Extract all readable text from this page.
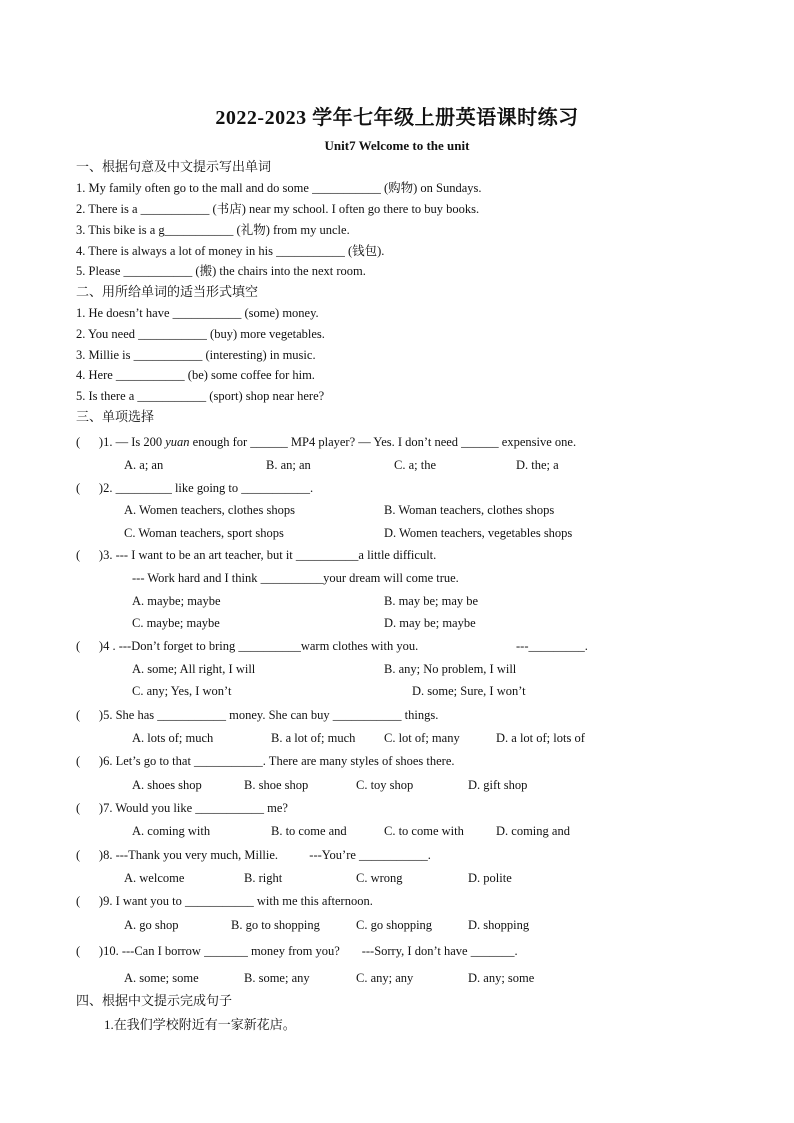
2022-2023 学年七年级上册英语课时练习
Unit7 Welcome to the unit
一、根据句意及中文提示写出单词
1. My family often go to the mall and do some ___________ (购物) on Sundays.
2. There is a ___________ (书店) near my school. I often go there to buy books.
3. This bike is a g___________ (礼物) from my uncle.
4. There is always a lot of money in his ___________ (钱包).
5. Please ___________ (搬) the chairs into the next room.
二、用所给单词的适当形式填空
1. He doesn’t have ___________ (some) money.
2. You need ___________ (buy) more vegetables.
3. Millie is ___________ (interesting) in music.
4. Here ___________ (be) some coffee for him.
5. Is there a ___________ (sport) shop near here?
三、单项选择
(      )1. — Is 200 yuan enough for ______ MP4 player? — Yes. I don’t need ______ expensive one.
A. a; an	B. an; an	C. a; the	D. the; a
(      )2. _________ like going to ___________.
A. Women teachers, clothes shops	B. Woman teachers, clothes shops
C. Woman teachers, sport shops	D. Women teachers, vegetables shops
(      )3. --- I want to be an art teacher, but it __________a little difficult.
--- Work hard and I think __________your dream will come true.
A. maybe; maybe	B. may be; may be
C. maybe; maybe	D. may be; maybe
(      )4 . ---Don’t forget to bring __________warm clothes with you.	---_________.
A. some; All right, I will	B. any; No problem, I will
C. any; Yes, I won’t	D. some; Sure, I won’t
(      )5. She has ___________ money. She can buy ___________ things.
A. lots of; much	B. a lot of; much C. lot of; many	D. a lot of; lots of
(      )6. Let’s go to that ___________. There are many styles of shoes there.
A. shoes shop	B. shoe shop	C. toy shop	D. gift shop
(      )7. Would you like ___________ me?
A. coming with	B. to come and	C. to come with	D. coming and
(      )8. ---Thank you very much, Millie.          ---You’re ___________.
A. welcome	B. right	C. wrong	D. polite
(      )9. I want you to ___________ with me this afternoon.
A. go shop	B. go to shopping	C. go shopping	D. shopping
(      )10. ---Can I borrow _______ money from you?       ---Sorry, I don’t have _______.
A. some; some	B. some; any	C. any; any	D. any; some
四、根据中文提示完成句子
1.在我们学校附近有一家新花店。
